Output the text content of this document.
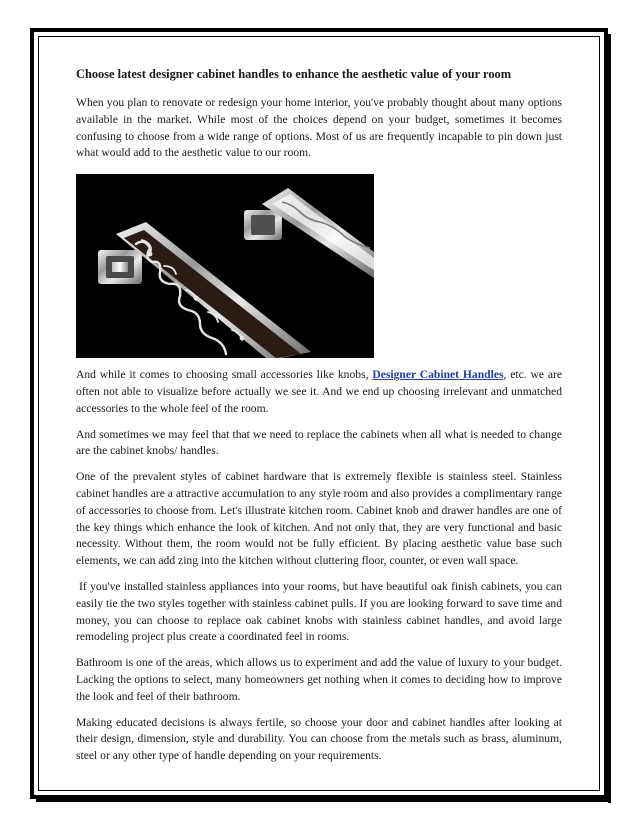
Choose latest designer cabinet handles to enhance the aesthetic value of your room

When you plan to renovate or redesign your home interior, you've probably thought about many options available in the market. While most of the choices depend on your budget, sometimes it becomes confusing to choose from a wide range of options. Most of us are frequently incapable to pin down just what would add to the aesthetic value to our room.

And while it comes to choosing small accessories like knobs, Designer Cabinet Handles, etc. we are often not able to visualize before actually we see it. And we end up choosing irrelevant and unmatched accessories to the whole feel of the room.

And sometimes we may feel that that we need to replace the cabinets when all what is needed to change are the cabinet knobs/ handles.

One of the prevalent styles of cabinet hardware that is extremely flexible is stainless steel. Stainless cabinet handles are a attractive accumulation to any style room and also provides a complimentary range of accessories to choose from. Let's illustrate kitchen room. Cabinet knob and drawer handles are one of the key things which enhance the look of kitchen. And not only that, they are very functional and basic necessity. Without them, the room would not be fully efficient. By placing aesthetic value base such elements, we can add zing into the kitchen without cluttering floor, counter, or even wall space.

If you've installed stainless appliances into your rooms, but have beautiful oak finish cabinets, you can easily tie the two styles together with stainless cabinet pulls. If you are looking forward to save time and money, you can choose to replace oak cabinet knobs with stainless cabinet handles, and avoid large remodeling project plus create a coordinated feel in rooms.

Bathroom is one of the areas, which allows us to experiment and add the value of luxury to your budget. Lacking the options to select, many homeowners get nothing when it comes to deciding how to improve the look and feel of their bathroom.

Making educated decisions is always fertile, so choose your door and cabinet handles after looking at their design, dimension, style and durability. You can choose from the metals such as brass, aluminum, steel or any other type of handle depending on your requirements.
